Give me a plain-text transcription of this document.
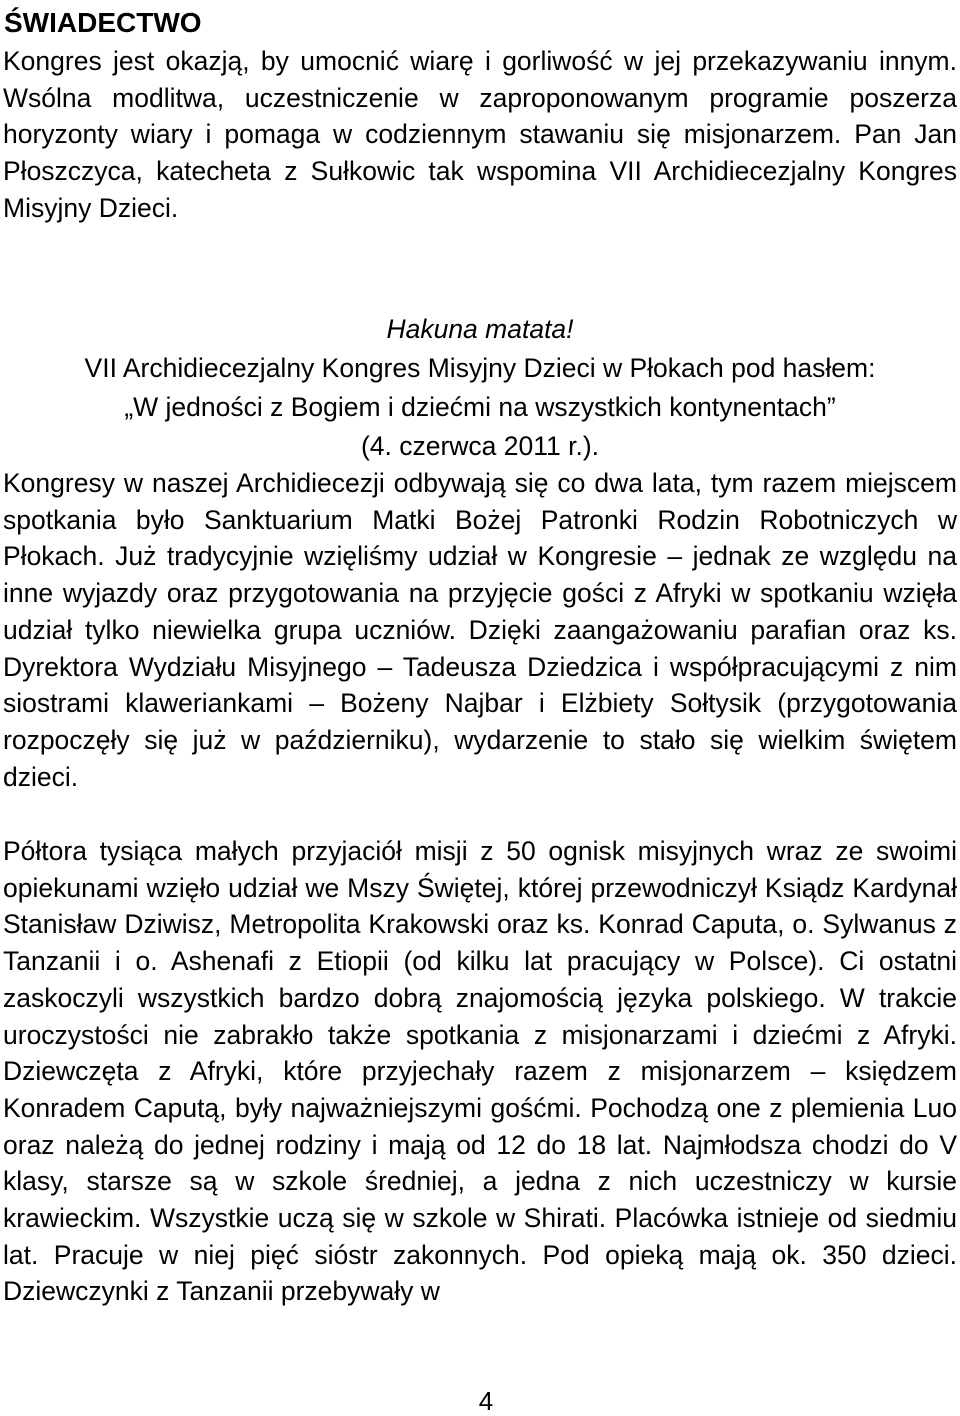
ŚWIADECTWO

Kongres jest okazją, by umocnić wiarę i gorliwość w jej przekazywaniu innym. Wsólna modlitwa, uczestniczenie w zaproponowanym programie poszerza horyzonty wiary i pomaga w codziennym stawaniu się misjonarzem. Pan Jan Płoszczyca, katecheta z Sułkowic tak wspomina VII Archidiecezjalny Kongres Misyjny Dzieci.

Hakuna matata!

VII Archidiecezjalny Kongres Misyjny Dzieci w Płokach pod hasłem:

„W jedności z Bogiem i dziećmi na wszystkich kontynentach”

(4. czerwca 2011 r.).

Kongresy w naszej Archidiecezji odbywają się co dwa lata, tym razem miejscem spotkania było Sanktuarium Matki Bożej Patronki Rodzin Robotniczych w Płokach. Już tradycyjnie wzięliśmy udział w Kongresie – jednak ze względu na inne wyjazdy oraz przygotowania na przyjęcie gości z Afryki w spotkaniu wzięła udział tylko niewielka grupa uczniów. Dzięki zaangażowaniu parafian oraz ks. Dyrektora Wydziału Misyjnego – Tadeusza Dziedzica i współpracującymi z nim siostrami klaweriankami – Bożeny Najbar i Elżbiety Sołtysik (przygotowania rozpoczęły się już w październiku), wydarzenie to stało się wielkim świętem dzieci.

Półtora tysiąca małych przyjaciół misji z 50 ognisk misyjnych wraz ze swoimi opiekunami wzięło udział we Mszy Świętej, której przewodniczył Ksiądz Kardynał Stanisław Dziwisz, Metropolita Krakowski oraz ks. Konrad Caputa, o. Sylwanus z Tanzanii i o. Ashenafi z Etiopii (od kilku lat pracujący w Polsce). Ci ostatni zaskoczyli wszystkich bardzo dobrą znajomością języka polskiego. W trakcie uroczystości nie zabrakło także spotkania z misjonarzami i dziećmi z Afryki. Dziewczęta z Afryki, które przyjechały razem z misjonarzem – księdzem Konradem Caputą, były najważniejszymi gośćmi. Pochodzą one z plemienia Luo oraz należą do jednej rodziny i mają od 12 do 18 lat. Najmłodsza chodzi do V klasy, starsze są w szkole średniej, a jedna z nich uczestniczy w kursie krawieckim. Wszystkie uczą się w szkole w Shirati. Placówka istnieje od siedmiu lat. Pracuje w niej pięć sióstr zakonnych. Pod opieką mają ok. 350 dzieci. Dziewczynki z Tanzanii przebywały w

4
